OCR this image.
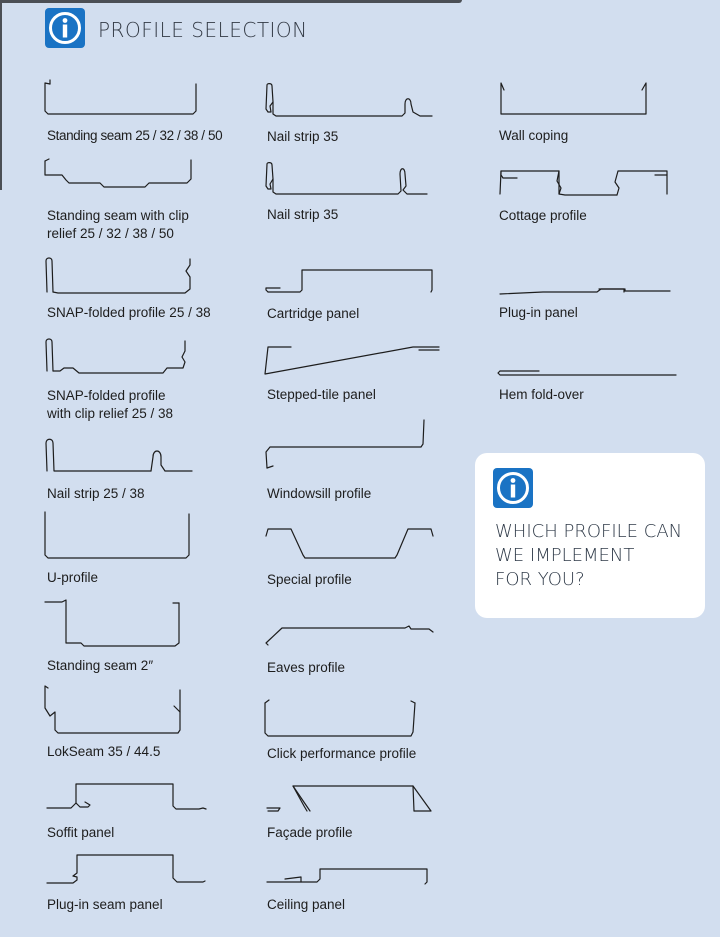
PROFILE SELECTION
Standing seam 25 / 32 / 38 / 50
Standing seam with clip
relief 25 / 32 / 38 / 50
SNAP-folded profile 25 / 38
SNAP-folded profile
with clip relief 25 / 38
Nail strip 25 / 38
U-profile
Standing seam 2″
LokSeam 35 / 44.5
Soffit panel
Plug-in seam panel
Nail strip 35
Nail strip 35
Cartridge panel
Stepped-tile panel
Windowsill profile
Special profile
Eaves profile
Click performance profile
Façade profile
Ceiling panel
Wall coping
Cottage profile
Plug-in panel
Hem fold-over
WHICH PROFILE CAN
WE IMPLEMENT
FOR YOU?
